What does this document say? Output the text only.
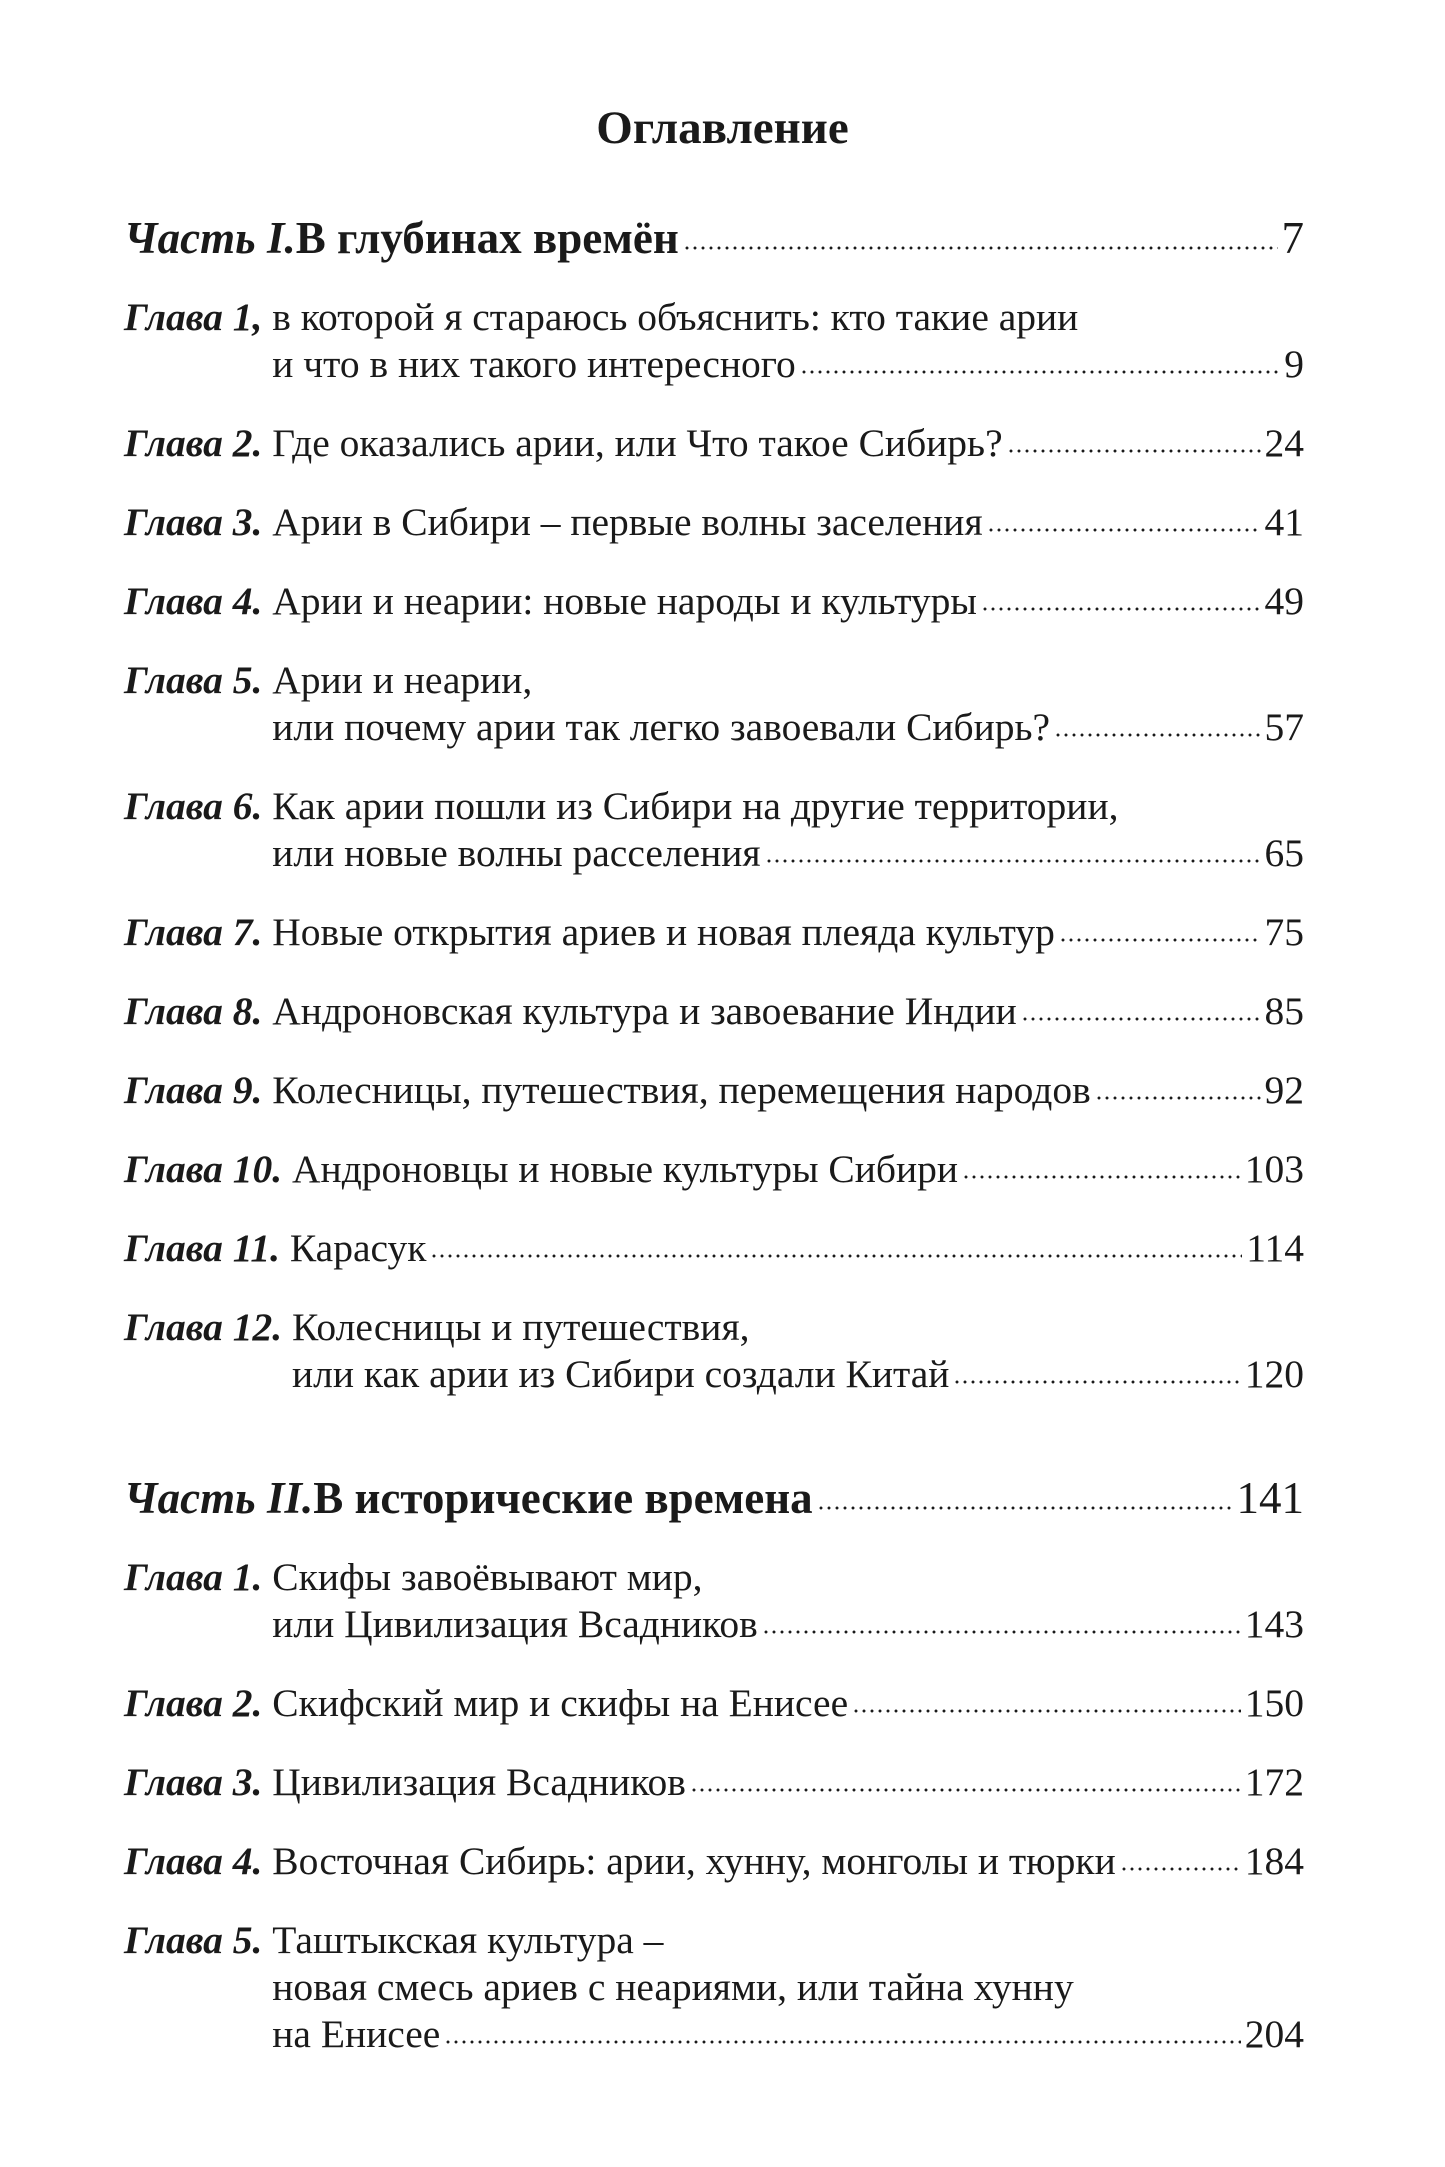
Оглавление
Часть I. В глубинах времён	7
Глава 1,
в которой я стараюсь объяснить: кто такие арии
и что в них такого интересного	9
Глава 2.
Где оказались арии, или Что такое Сибирь?	24
Глава 3.
Арии в Сибири – первые волны заселения	41
Глава 4.
Арии и неарии: новые народы и культуры	49
Глава 5.
Арии и неарии,
или почему арии так легко завоевали Сибирь?	57
Глава 6.
Как арии пошли из Сибири на другие территории,
или новые волны расселения	65
Глава 7.
Новые открытия ариев и новая плеяда культур	75
Глава 8.
Андроновская культура и завоевание Индии	85
Глава 9.
Колесницы, путешествия, перемещения народов	92
Глава 10.
Андроновцы и новые культуры Сибири	103
Глава 11.
Карасук	114
Глава 12.
Колесницы и путешествия,
или как арии из Сибири создали Китай	120
Часть II. В исторические времена	141
Глава 1.
Скифы завоёвывают мир,
или Цивилизация Всадников	143
Глава 2.
Скифский мир и скифы на Енисее	150
Глава 3.
Цивилизация Всадников	172
Глава 4.
Восточная Сибирь: арии, хунну, монголы и тюрки	184
Глава 5.
Таштыкская культура –
новая смесь ариев с неариями, или тайна хунну
на Енисее	204
